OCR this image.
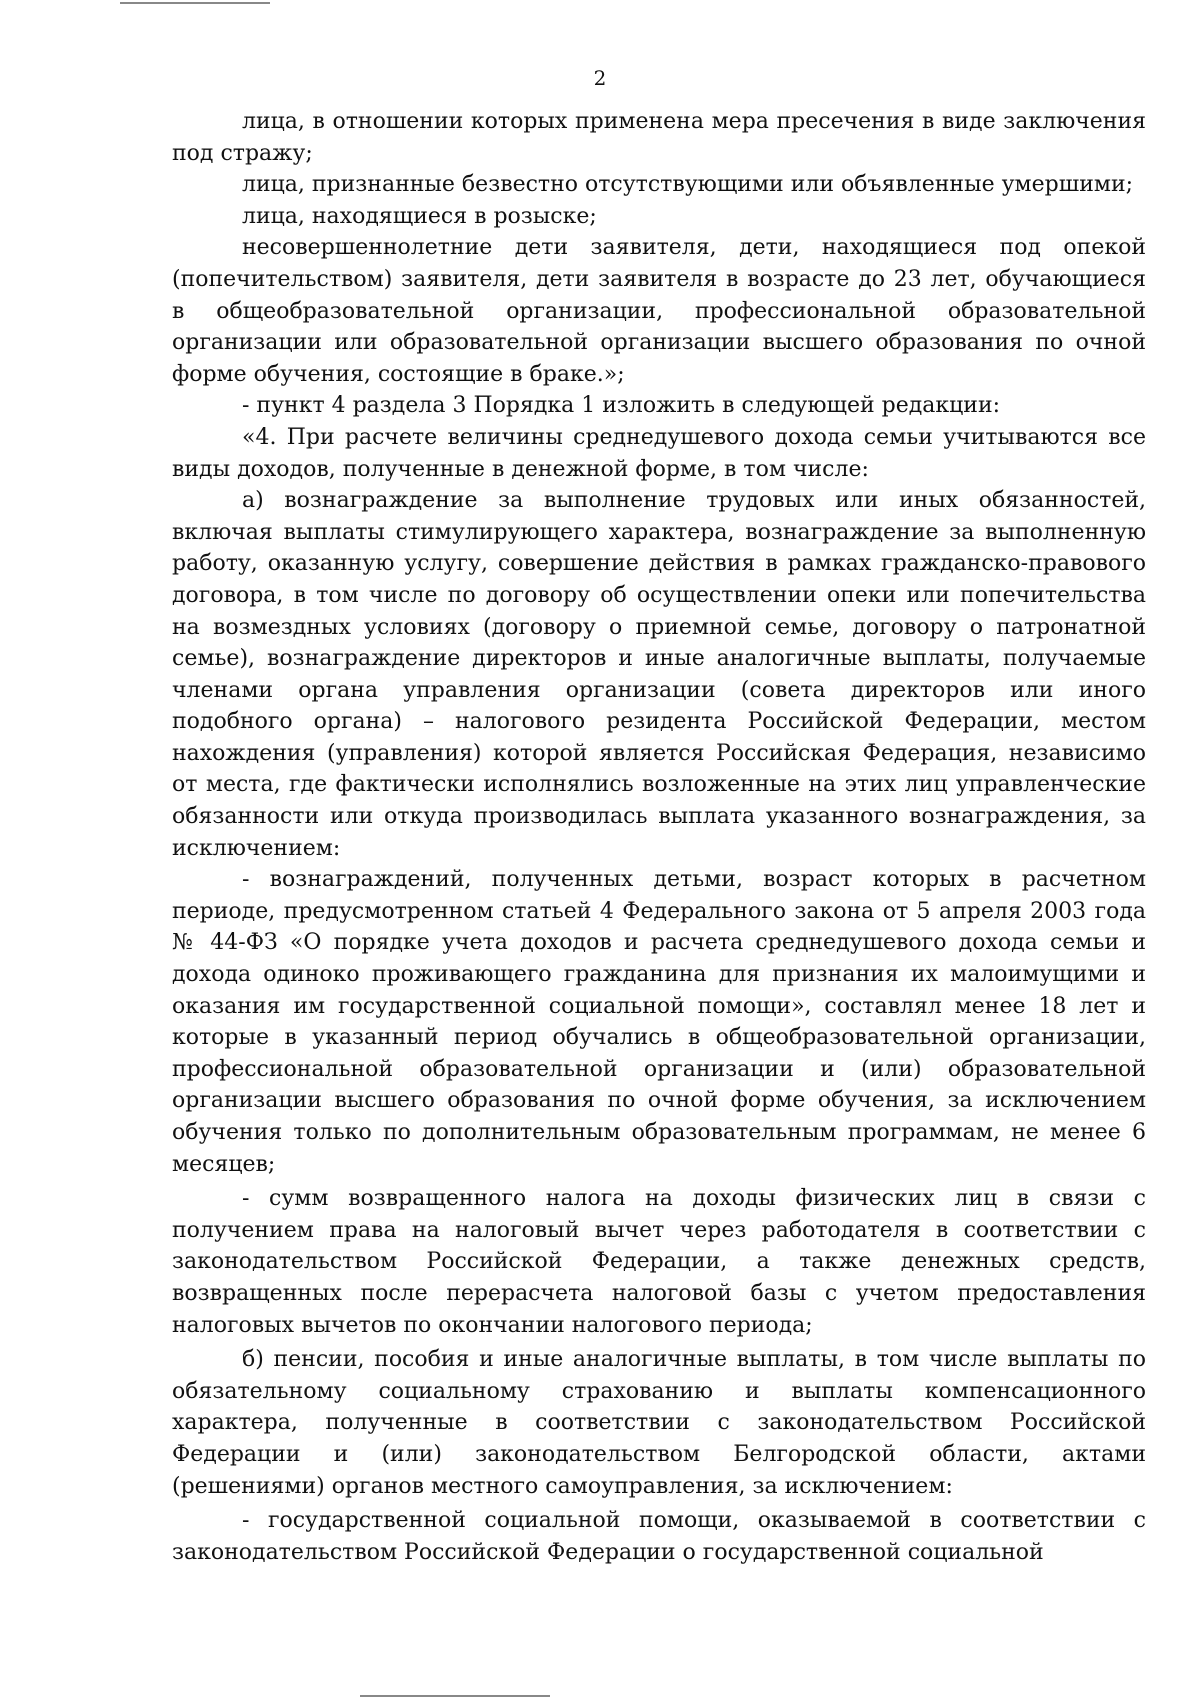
2

лица, в отношении которых применена мера пресечения в виде заключения под стражу;

лица, признанные безвестно отсутствующими или объявленные умершими;

лица, находящиеся в розыске;

несовершеннолетние дети заявителя, дети, находящиеся под опекой (попечительством) заявителя, дети заявителя в возрасте до 23 лет, обучающиеся в общеобразовательной организации, профессиональной образовательной организации или образовательной организации высшего образования по очной форме обучения, состоящие в браке.»;

- пункт 4 раздела 3 Порядка 1 изложить в следующей редакции:

«4. При расчете величины среднедушевого дохода семьи учитываются все виды доходов, полученные в денежной форме, в том числе:

а) вознаграждение за выполнение трудовых или иных обязанностей, включая выплаты стимулирующего характера, вознаграждение за выполненную работу, оказанную услугу, совершение действия в рамках гражданско-правового договора, в том числе по договору об осуществлении опеки или попечительства на возмездных условиях (договору о приемной семье, договору о патронатной семье), вознаграждение директоров и иные аналогичные выплаты, получаемые членами органа управления организации (совета директоров или иного подобного органа) – налогового резидента Российской Федерации, местом нахождения (управления) которой является Российская Федерация, независимо от места, где фактически исполнялись возложенные на этих лиц управленческие обязанности или откуда производилась выплата указанного вознаграждения, за исключением:

- вознаграждений, полученных детьми, возраст которых в расчетном периоде, предусмотренном статьей 4 Федерального закона от 5 апреля 2003 года № 44-ФЗ «О порядке учета доходов и расчета среднедушевого дохода семьи и дохода одиноко проживающего гражданина для признания их малоимущими и оказания им государственной социальной помощи», составлял менее 18 лет и которые в указанный период обучались в общеобразовательной организации, профессиональной образовательной организации и (или) образовательной организации высшего образования по очной форме обучения, за исключением обучения только по дополнительным образовательным программам, не менее 6 месяцев;

- сумм возвращенного налога на доходы физических лиц в связи с получением права на налоговый вычет через работодателя в соответствии с законодательством Российской Федерации, а также денежных средств, возвращенных после перерасчета налоговой базы с учетом предоставления налоговых вычетов по окончании налогового периода;

б) пенсии, пособия и иные аналогичные выплаты, в том числе выплаты по обязательному социальному страхованию и выплаты компенсационного характера, полученные в соответствии с законодательством Российской Федерации и (или) законодательством Белгородской области, актами (решениями) органов местного самоуправления, за исключением:

- государственной социальной помощи, оказываемой в соответствии с законодательством Российской Федерации о государственной социальной
